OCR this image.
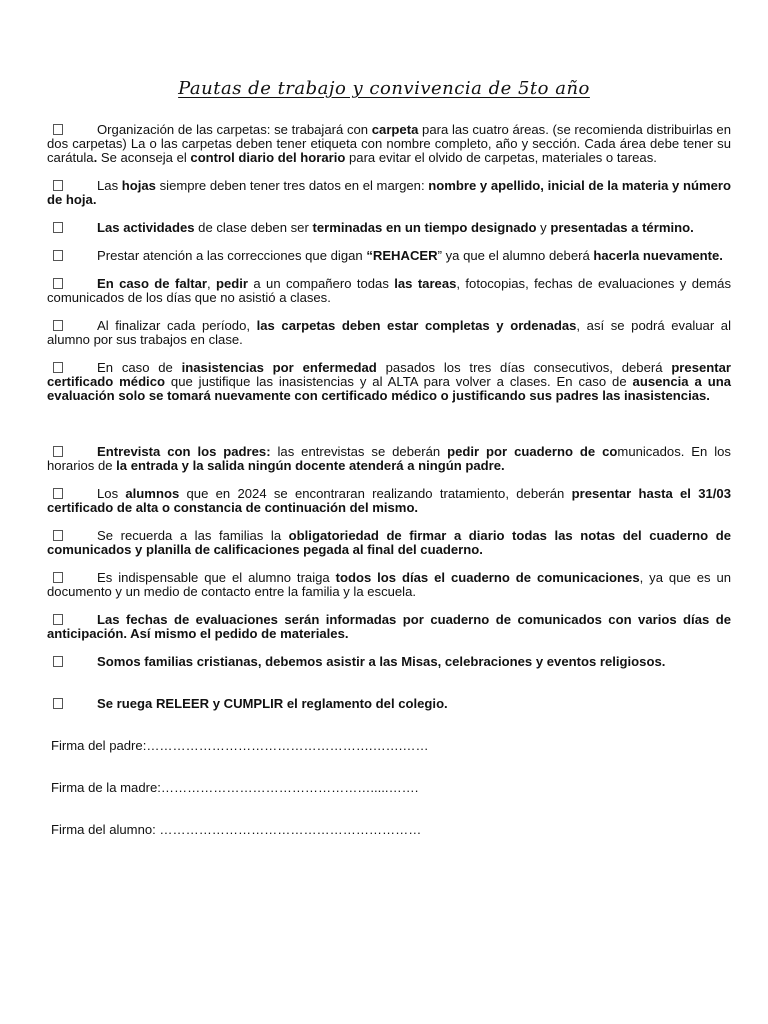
Pautas de trabajo y convivencia de 5to año
Organización de las carpetas: se trabajará con carpeta para las cuatro áreas. (se recomienda distribuirlas en dos carpetas) La o las carpetas deben tener etiqueta con nombre completo, año y sección. Cada área debe tener su carátula. Se aconseja el control diario del horario para evitar el olvido de carpetas, materiales o tareas.
Las hojas siempre deben tener tres datos en el margen: nombre y apellido, inicial de la materia y número de hoja.
Las actividades de clase deben ser terminadas en un tiempo designado y presentadas a término.
Prestar atención a las correcciones que digan “REHACER” ya que el alumno deberá hacerla nuevamente.
En caso de faltar, pedir a un compañero todas las tareas, fotocopias, fechas de evaluaciones y demás comunicados de los días que no asistió a clases.
Al finalizar cada período, las carpetas deben estar completas y ordenadas, así se podrá evaluar al alumno por sus trabajos en clase.
En caso de inasistencias por enfermedad pasados los tres días consecutivos, deberá presentar certificado médico que justifique las inasistencias y al ALTA para volver a clases. En caso de ausencia a una evaluación solo se tomará nuevamente con certificado médico o justificando sus padres las inasistencias.
Entrevista con los padres: las entrevistas se deberán pedir por cuaderno de comunicados. En los horarios de la entrada y la salida ningún docente atenderá a ningún padre.
Los alumnos que en 2024 se encontraran realizando tratamiento, deberán presentar hasta el 31/03 certificado de alta o constancia de continuación del mismo.
Se recuerda a las familias la obligatoriedad de firmar a diario todas las notas del cuaderno de comunicados y planilla de calificaciones pegada al final del cuaderno.
Es indispensable que el alumno traiga todos los días el cuaderno de comunicaciones, ya que es un documento y un medio de contacto entre la familia y la escuela.
Las fechas de evaluaciones serán informadas por cuaderno de comunicados con varios días de anticipación. Así mismo el pedido de materiales.
Somos familias cristianas, debemos asistir a las Misas, celebraciones y eventos religiosos.
Se ruega RELEER y CUMPLIR el reglamento del colegio.
Firma del padre:…………………………………………….…….……
Firma de la madre:………………………………………….....…….
Firma del alumno: ……………………………………………………
